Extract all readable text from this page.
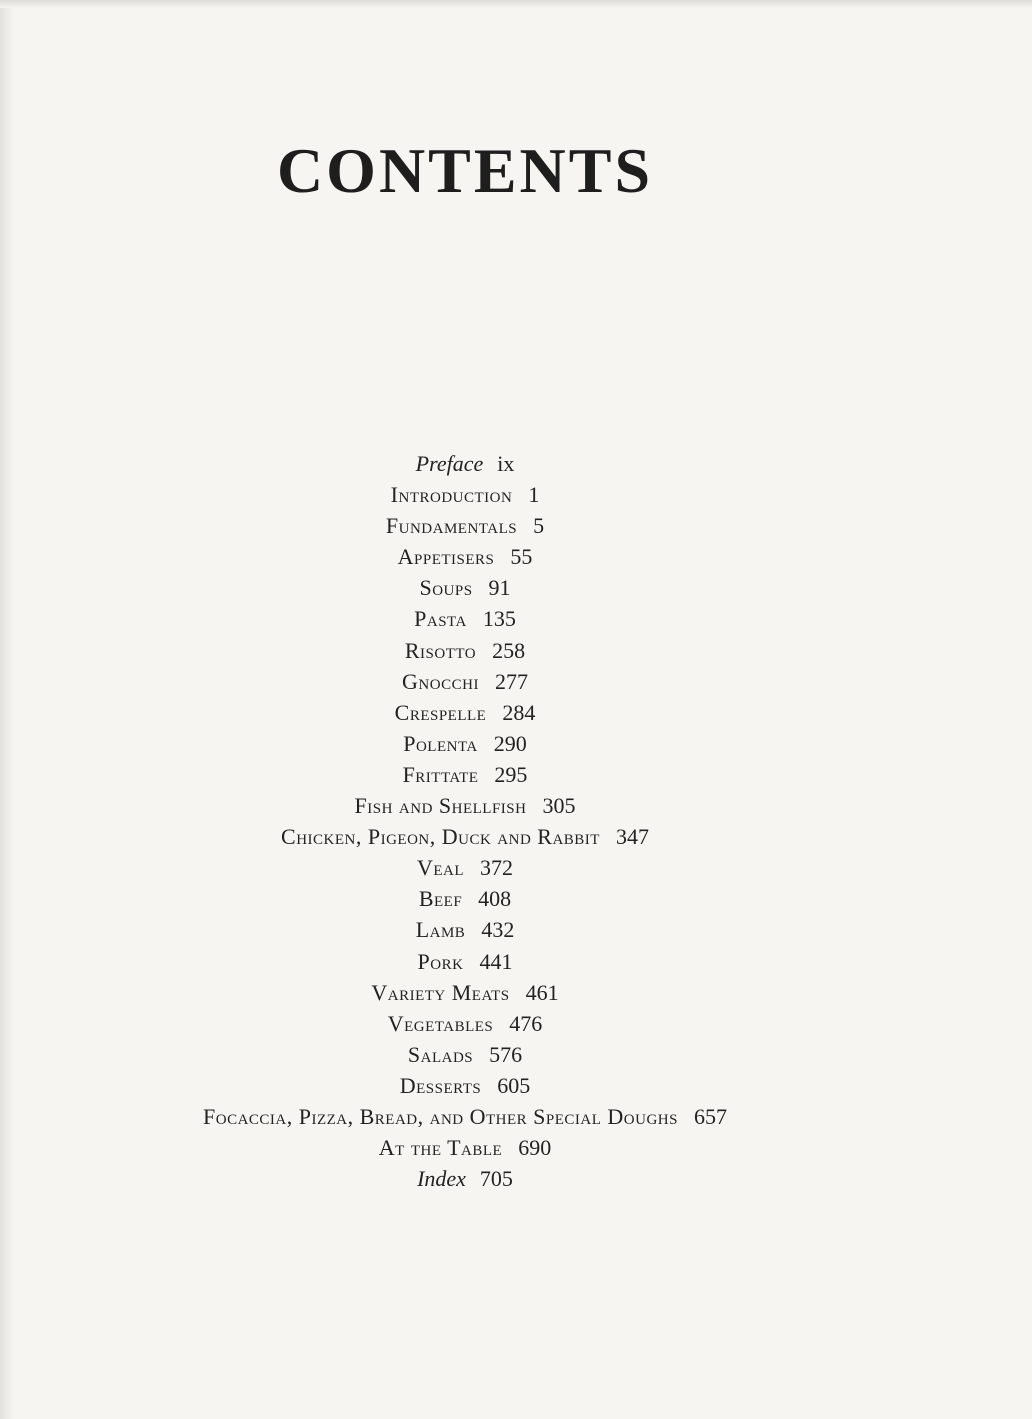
CONTENTS
Preface ix
Introduction 1
Fundamentals 5
Appetisers 55
Soups 91
Pasta 135
Risotto 258
Gnocchi 277
Crespelle 284
Polenta 290
Frittate 295
Fish and Shellfish 305
Chicken, Pigeon, Duck and Rabbit 347
Veal 372
Beef 408
Lamb 432
Pork 441
Variety Meats 461
Vegetables 476
Salads 576
Desserts 605
Focaccia, Pizza, Bread, and Other Special Doughs 657
At the Table 690
Index 705
